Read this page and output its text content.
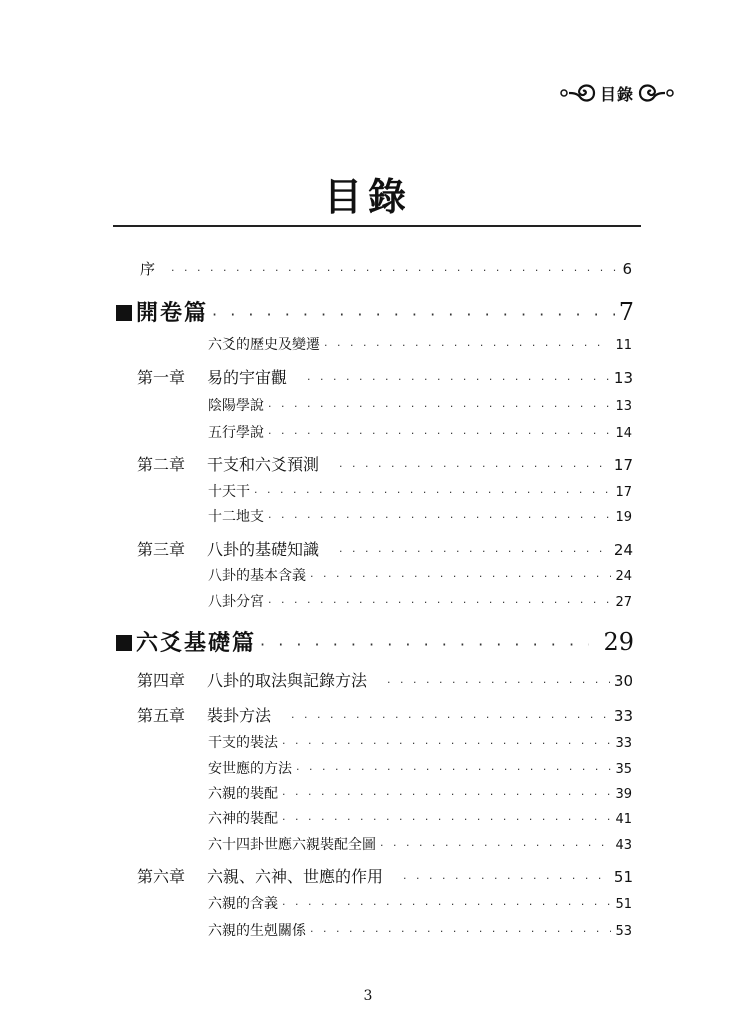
目錄
目錄
序 · · ·	6
開卷篇 · · ·	7
六爻的歷史及變遷 · · ·	11
第一章 易的宇宙觀 · · ·	13
陰陽學說 · · ·	13
五行學說 · · ·	14
第二章 干支和六爻預測 · · ·	17
十天干 · · ·	17
十二地支 · · ·	19
第三章 八卦的基礎知識 · · ·	24
八卦的基本含義 · · ·	24
八卦分宮 · · ·	27
六爻基礎篇 · · ·	29
第四章 八卦的取法與記錄方法 · · ·	30
第五章 裝卦方法 · · ·	33
干支的裝法 · · ·	33
安世應的方法 · · ·	35
六親的裝配 · · ·	39
六神的裝配 · · ·	41
六十四卦世應六親裝配全圖 · · ·	43
第六章 六親、六神、世應的作用 · · ·	51
六親的含義 · · ·	51
六親的生剋關係 · · ·	53
3
